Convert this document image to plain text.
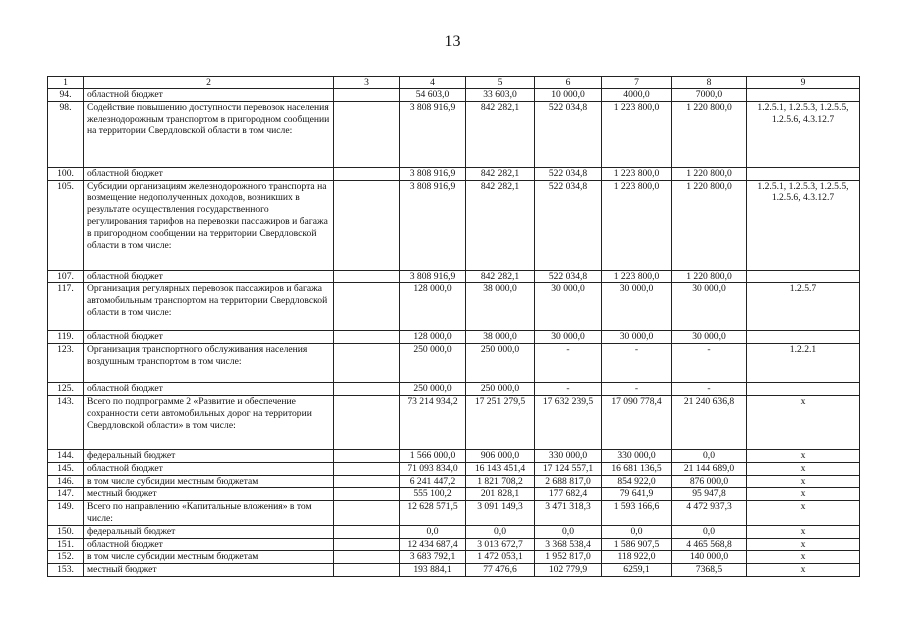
13
1	2	3	4	5	6	7	8	9
94.	областной бюджет		54 603,0	33 603,0	10 000,0	4000,0	7000,0	
98.	Содействие повышению доступности перевозок населения железнодорожным транспортом в пригородном сообщении на территории Свердловской области в том числе:		3 808 916,9	842 282,1	522 034,8	1 223 800,0	1 220 800,0	1.2.5.1, 1.2.5.3, 1.2.5.5, 1.2.5.6, 4.3.12.7
100.	областной бюджет		3 808 916,9	842 282,1	522 034,8	1 223 800,0	1 220 800,0	
105.	Субсидии организациям железнодорожного транспорта на возмещение недополученных доходов, возникших в результате осуществления государственного регулирования тарифов на перевозки пассажиров и багажа в пригородном сообщении на территории Свердловской области в том числе:		3 808 916,9	842 282,1	522 034,8	1 223 800,0	1 220 800,0	1.2.5.1, 1.2.5.3, 1.2.5.5, 1.2.5.6, 4.3.12.7
107.	областной бюджет		3 808 916,9	842 282,1	522 034,8	1 223 800,0	1 220 800,0	
117.	Организация регулярных перевозок пассажиров и багажа автомобильным транспортом на территории Свердловской области в том числе:		128 000,0	38 000,0	30 000,0	30 000,0	30 000,0	1.2.5.7
119.	областной бюджет		128 000,0	38 000,0	30 000,0	30 000,0	30 000,0	
123.	Организация транспортного обслуживания населения воздушным транспортом в том числе:		250 000,0	250 000,0	-	-	-	1.2.2.1
125.	областной бюджет		250 000,0	250 000,0	-	-	-	
143.	Всего по подпрограмме 2 «Развитие и обеспечение сохранности сети автомобильных дорог на территории Свердловской области» в том числе:		73 214 934,2	17 251 279,5	17 632 239,5	17 090 778,4	21 240 636,8	x
144.	федеральный бюджет		1 566 000,0	906 000,0	330 000,0	330 000,0	0,0	x
145.	областной бюджет		71 093 834,0	16 143 451,4	17 124 557,1	16 681 136,5	21 144 689,0	x
146.	в том числе субсидии местным бюджетам		6 241 447,2	1 821 708,2	2 688 817,0	854 922,0	876 000,0	x
147.	местный бюджет		555 100,2	201 828,1	177 682,4	79 641,9	95 947,8	x
149.	Всего по направлению «Капитальные вложения» в том числе:		12 628 571,5	3 091 149,3	3 471 318,3	1 593 166,6	4 472 937,3	x
150.	федеральный бюджет		0,0	0,0	0,0	0,0	0,0	x
151.	областной бюджет		12 434 687,4	3 013 672,7	3 368 538,4	1 586 907,5	4 465 568,8	x
152.	в том числе субсидии местным бюджетам		3 683 792,1	1 472 053,1	1 952 817,0	118 922,0	140 000,0	x
153.	местный бюджет		193 884,1	77 476,6	102 779,9	6259,1	7368,5	x
